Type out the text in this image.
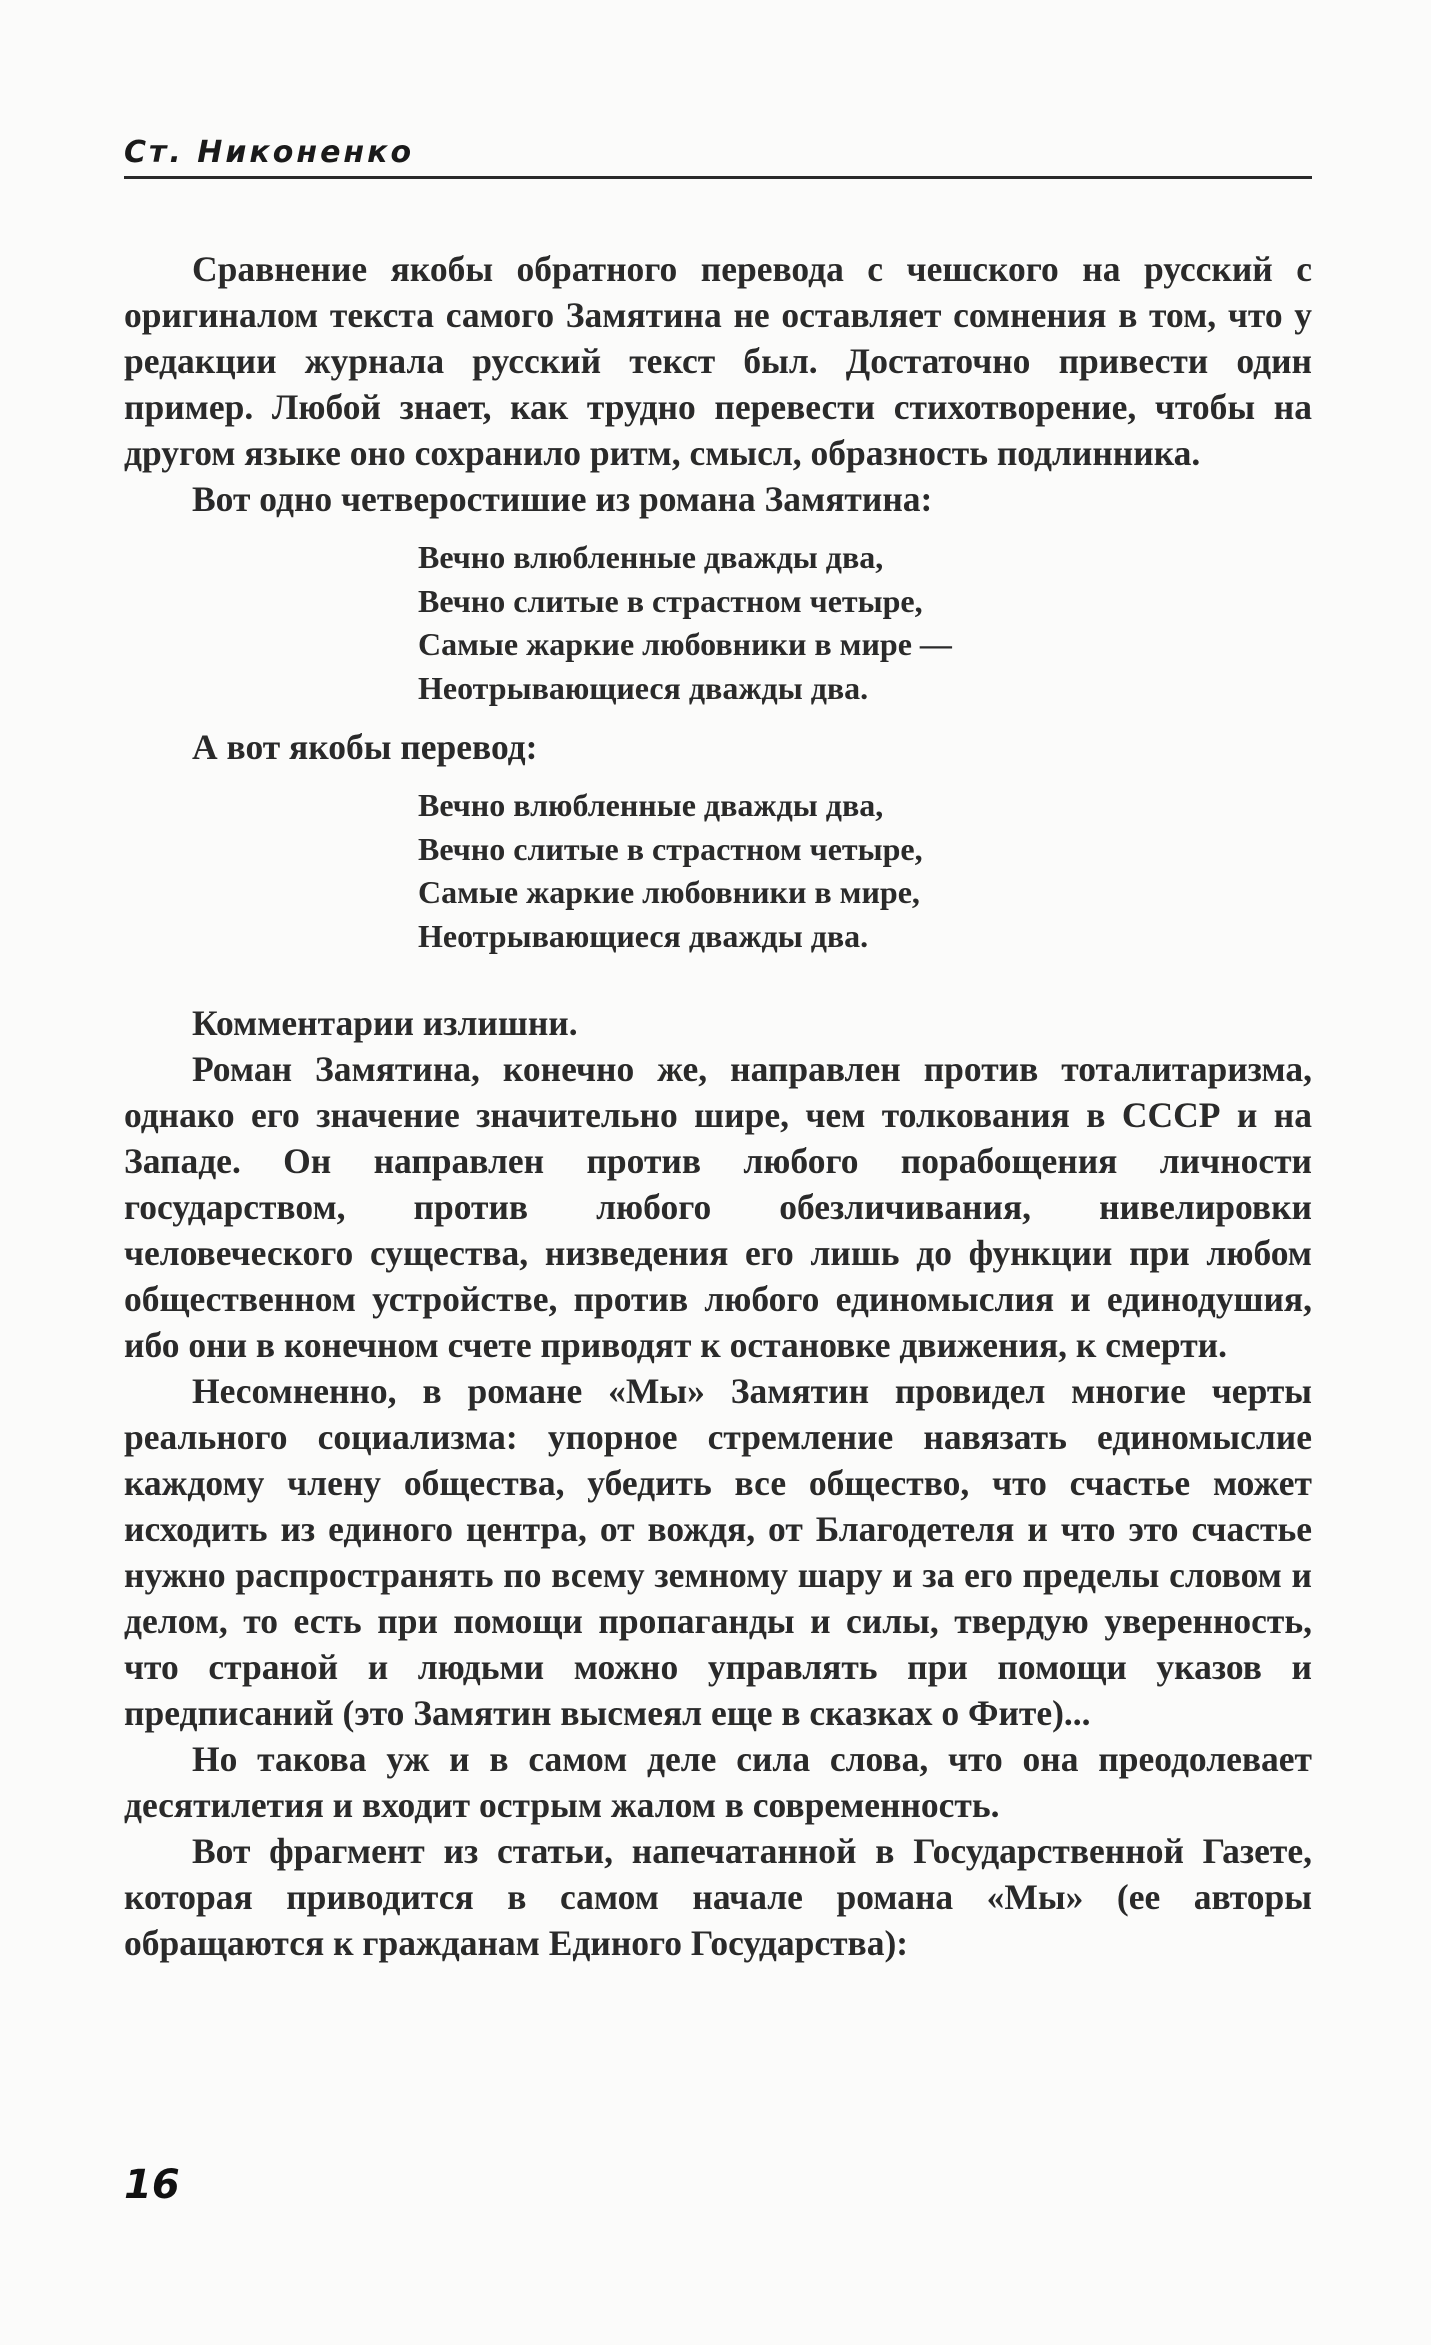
Ст. Никоненко

Сравнение якобы обратного перевода с чешского на русский с оригиналом текста самого Замятина не оставляет сомнения в том, что у редакции журнала русский текст был. Достаточно привести один пример. Любой знает, как трудно перевести стихотворение, чтобы на другом языке оно сохранило ритм, смысл, образность подлинника.

Вот одно четверостишие из романа Замятина:

Вечно влюбленные дважды два,
Вечно слитые в страстном четыре,
Самые жаркие любовники в мире —
Неотрывающиеся дважды два.

А вот якобы перевод:

Вечно влюбленные дважды два,
Вечно слитые в страстном четыре,
Самые жаркие любовники в мире,
Неотрывающиеся дважды два.

Комментарии излишни.

Роман Замятина, конечно же, направлен против тоталитаризма, однако его значение значительно шире, чем толкования в СССР и на Западе. Он направлен против любого порабощения личности государством, против любого обезличивания, нивелировки человеческого существа, низведения его лишь до функции при любом общественном устройстве, против любого единомыслия и единодушия, ибо они в конечном счете приводят к остановке движения, к смерти.

Несомненно, в романе «Мы» Замятин провидел многие черты реального социализма: упорное стремление навязать единомыслие каждому члену общества, убедить все общество, что счастье может исходить из единого центра, от вождя, от Благодетеля и что это счастье нужно распространять по всему земному шару и за его пределы словом и делом, то есть при помощи пропаганды и силы, твердую уверенность, что страной и людьми можно управлять при помощи указов и предписаний (это Замятин высмеял еще в сказках о Фите)...

Но такова уж и в самом деле сила слова, что она преодолевает десятилетия и входит острым жалом в современность.

Вот фрагмент из статьи, напечатанной в Государственной Газете, которая приводится в самом начале романа «Мы» (ее авторы обращаются к гражданам Единого Государства):

16
